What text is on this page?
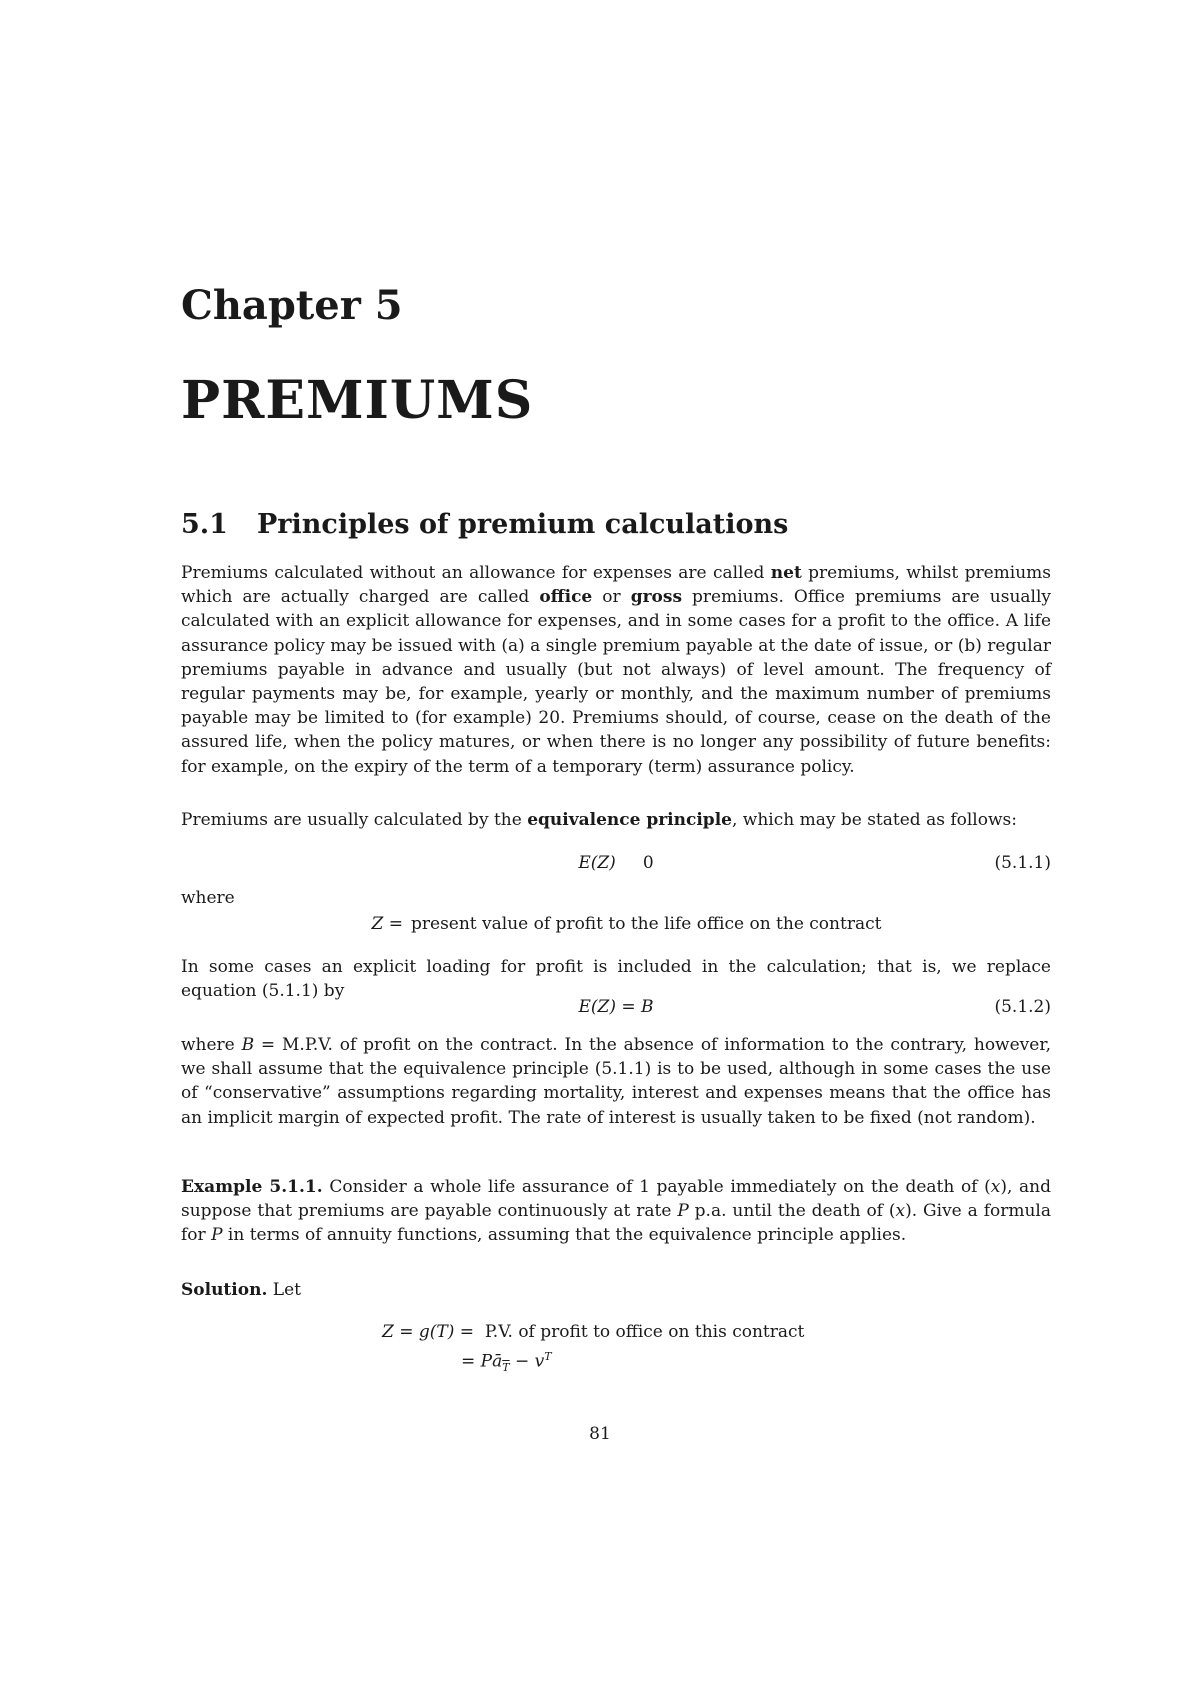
Chapter 5
PREMIUMS
5.1 Principles of premium calculations

Premiums calculated without an allowance for expenses are called net premiums, whilst premiums which are actually charged are called office or gross premiums. Office premiums are usually calculated with an explicit allowance for expenses, and in some cases for a profit to the office. A life assurance policy may be issued with (a) a single premium payable at the date of issue, or (b) regular premiums payable in advance and usually (but not always) of level amount. The frequency of regular payments may be, for example, yearly or monthly, and the maximum number of premiums payable may be limited to (for example) 20. Premiums should, of course, cease on the death of the assured life, when the policy matures, or when there is no longer any possibility of future benefits: for example, on the expiry of the term of a temporary (term) assurance policy.

Premiums are usually calculated by the equivalence principle, which may be stated as follows:

E(Z) 0	(5.1.1)

where

Z = present value of profit to the life office on the contract

In some cases an explicit loading for profit is included in the calculation; that is, we replace equation (5.1.1) by

E(Z) = B	(5.1.2)

where B = M.P.V. of profit on the contract. In the absence of information to the contrary, however, we shall assume that the equivalence principle (5.1.1) is to be used, although in some cases the use of “conservative” assumptions regarding mortality, interest and expenses means that the office has an implicit margin of expected profit. The rate of interest is usually taken to be fixed (not random).

Example 5.1.1. Consider a whole life assurance of 1 payable immediately on the death of (x), and suppose that premiums are payable continuously at rate P p.a. until the death of (x). Give a formula for P in terms of annuity functions, assuming that the equivalence principle applies.

Solution. Let

Z = g(T) = P.V. of profit to office on this contract
= $Pā_{\overline{T}} - v^T$
81
